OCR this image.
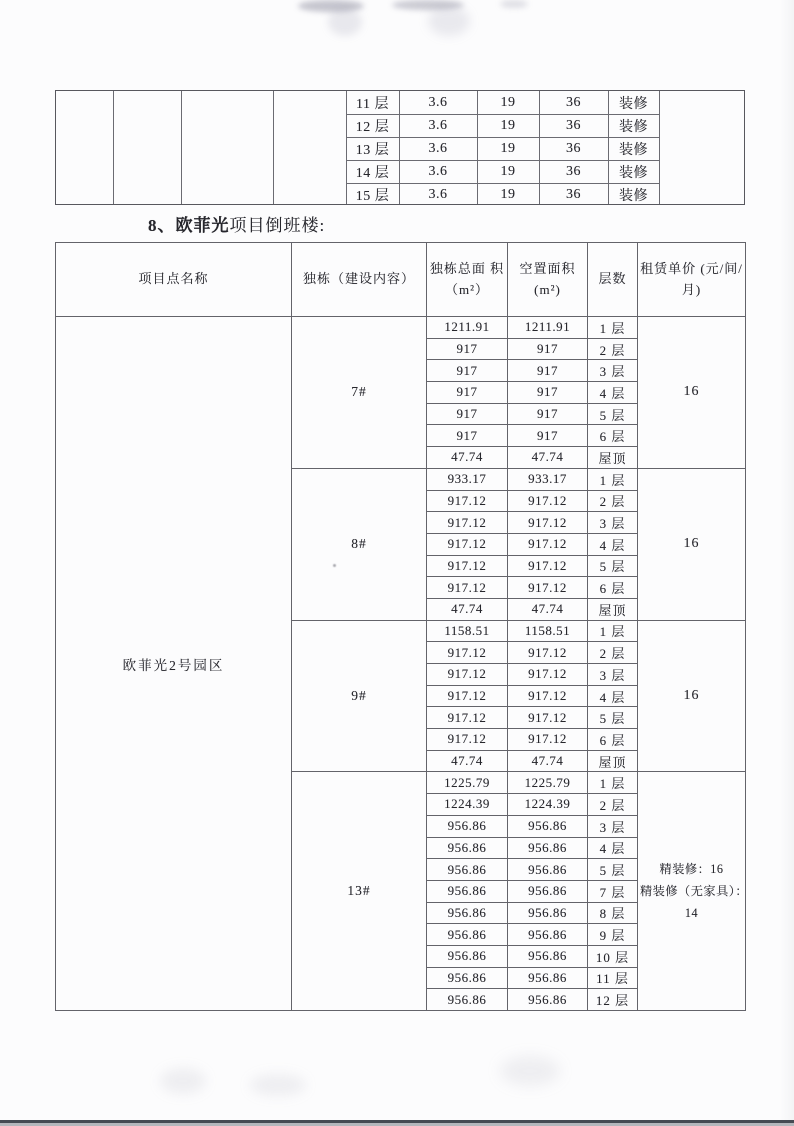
11 层	3.6	19	36	装修
12 层	3.6	19	36	装修
13 层	3.6	19	36	装修
14 层	3.6	19	36	装修
15 层	3.6	19	36	装修
8、欧菲光项目倒班楼:
项目点名称	独栋（建设内容）	独栋总面 积（m²）	空置面积 (m²)	层数	租赁单价 (元/间/月)
欧菲光2号园区	7#	1211.91	1211.91	1 层	16
		917	917	2 层	
		917	917	3 层	
		917	917	4 层	
		917	917	5 层	
		917	917	6 层	
		47.74	47.74	屋顶	
	8#	933.17	933.17	1 层	16
		917.12	917.12	2 层	
		917.12	917.12	3 层	
		917.12	917.12	4 层	
		917.12	917.12	5 层	
		917.12	917.12	6 层	
		47.74	47.74	屋顶	
	9#	1158.51	1158.51	1 层	16
		917.12	917.12	2 层	
		917.12	917.12	3 层	
		917.12	917.12	4 层	
		917.12	917.12	5 层	
		917.12	917.12	6 层	
		47.74	47.74	屋顶	
	13#	1225.79	1225.79	1 层	精装修：16
精装修（无家具）：
14

		1224.39	1224.39	2 层	
		956.86	956.86	3 层	
		956.86	956.86	4 层	
		956.86	956.86	5 层	
		956.86	956.86	7 层	
		956.86	956.86	8 层	
		956.86	956.86	9 层	
		956.86	956.86	10 层	
		956.86	956.86	11 层	
		956.86	956.86	12 层	
